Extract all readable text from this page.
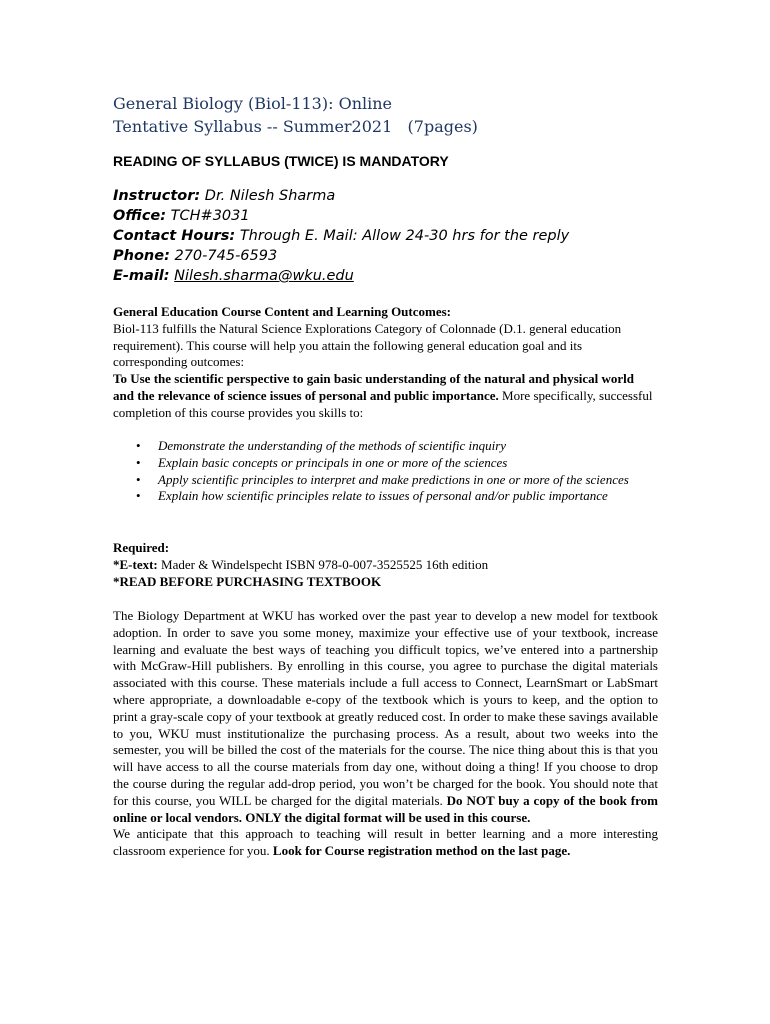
General Biology (Biol-113): Online
Tentative Syllabus -- Summer2021   (7pages)
READING OF SYLLABUS (TWICE) IS MANDATORY
Instructor: Dr. Nilesh Sharma
Office: TCH#3031
Contact Hours: Through E. Mail: Allow 24-30 hrs for the reply
Phone: 270-745-6593
E-mail: Nilesh.sharma@wku.edu
General Education Course Content and Learning Outcomes:
Biol-113 fulfills the Natural Science Explorations Category of Colonnade (D.1. general education requirement). This course will help you attain the following general education goal and its corresponding outcomes:
To Use the scientific perspective to gain basic understanding of the natural and physical world and the relevance of science issues of personal and public importance. More specifically, successful completion of this course provides you skills to:
• Demonstrate the understanding of the methods of scientific inquiry
• Explain basic concepts or principals in one or more of the sciences
• Apply scientific principles to interpret and make predictions in one or more of the sciences
• Explain how scientific principles relate to issues of personal and/or public importance
Required:
*E-text: Mader & Windelspecht ISBN 978-0-007-3525525 16th edition
*READ BEFORE PURCHASING TEXTBOOK
The Biology Department at WKU has worked over the past year to develop a new model for textbook adoption. In order to save you some money, maximize your effective use of your textbook, increase learning and evaluate the best ways of teaching you difficult topics, we’ve entered into a partnership with McGraw-Hill publishers. By enrolling in this course, you agree to purchase the digital materials associated with this course. These materials include a full access to Connect, LearnSmart or LabSmart where appropriate, a downloadable e-copy of the textbook which is yours to keep, and the option to print a gray-scale copy of your textbook at greatly reduced cost. In order to make these savings available to you, WKU must institutionalize the purchasing process. As a result, about two weeks into the semester, you will be billed the cost of the materials for the course. The nice thing about this is that you will have access to all the course materials from day one, without doing a thing! If you choose to drop the course during the regular add-drop period, you won’t be charged for the book. You should note that for this course, you WILL be charged for the digital materials. Do NOT buy a copy of the book from online or local vendors. ONLY the digital format will be used in this course.
We anticipate that this approach to teaching will result in better learning and a more interesting classroom experience for you. Look for Course registration method on the last page.
